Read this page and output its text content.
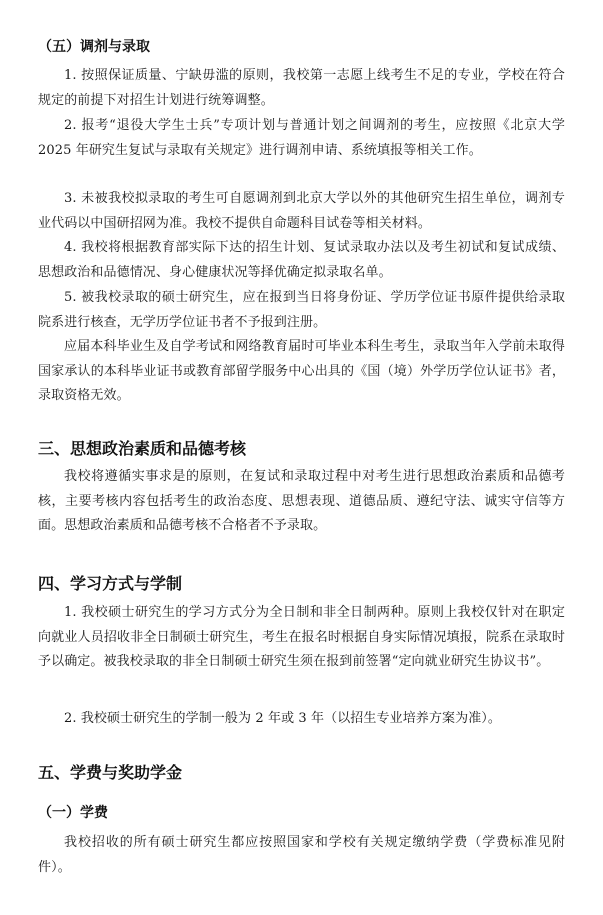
（五）调剂与录取

1. 按照保证质量、宁缺毋滥的原则，我校第一志愿上线考生不足的专业，学校在符合规定的前提下对招生计划进行统筹调整。

2. 报考“退役大学生士兵”专项计划与普通计划之间调剂的考生，应按照《北京大学 2025 年研究生复试与录取有关规定》进行调剂申请、系统填报等相关工作。

3. 未被我校拟录取的考生可自愿调剂到北京大学以外的其他研究生招生单位，调剂专业代码以中国研招网为准。我校不提供自命题科目试卷等相关材料。

4. 我校将根据教育部实际下达的招生计划、复试录取办法以及考生初试和复试成绩、思想政治和品德情况、身心健康状况等择优确定拟录取名单。

5. 被我校录取的硕士研究生，应在报到当日将身份证、学历学位证书原件提供给录取院系进行核查，无学历学位证书者不予报到注册。

应届本科毕业生及自学考试和网络教育届时可毕业本科生考生，录取当年入学前未取得国家承认的本科毕业证书或教育部留学服务中心出具的《国（境）外学历学位认证书》者，录取资格无效。

三、思想政治素质和品德考核

我校将遵循实事求是的原则，在复试和录取过程中对考生进行思想政治素质和品德考核，主要考核内容包括考生的政治态度、思想表现、道德品质、遵纪守法、诚实守信等方面。思想政治素质和品德考核不合格者不予录取。

四、学习方式与学制

1. 我校硕士研究生的学习方式分为全日制和非全日制两种。原则上我校仅针对在职定向就业人员招收非全日制硕士研究生，考生在报名时根据自身实际情况填报，院系在录取时予以确定。被我校录取的非全日制硕士研究生须在报到前签署“定向就业研究生协议书”。

2. 我校硕士研究生的学制一般为 2 年或 3 年（以招生专业培养方案为准）。

五、学费与奖助学金
（一）学费

我校招收的所有硕士研究生都应按照国家和学校有关规定缴纳学费（学费标准见附件）。
